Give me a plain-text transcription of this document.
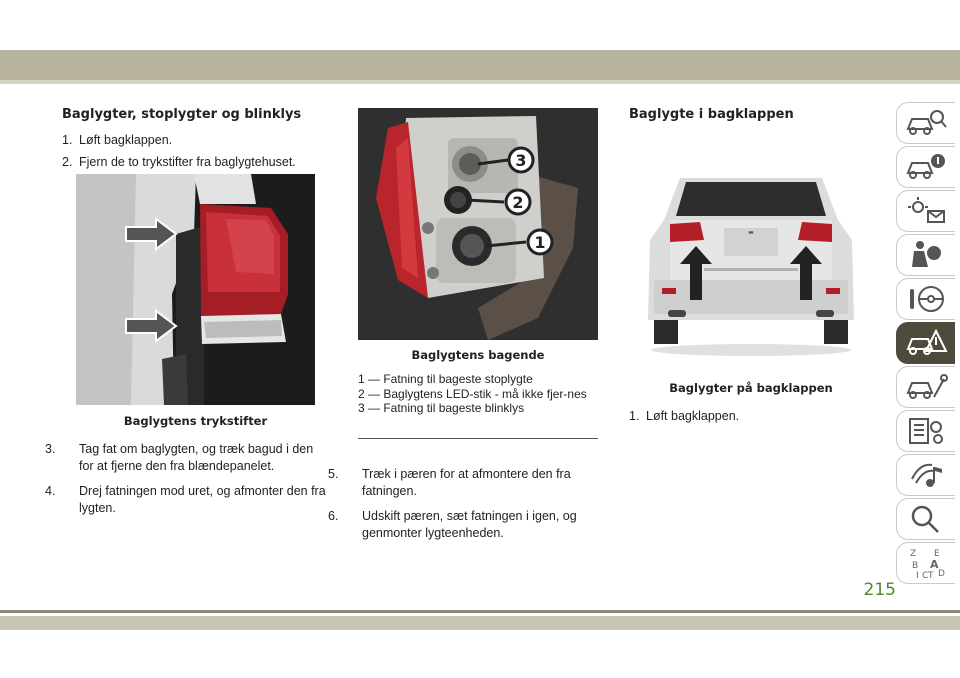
Baglygter, stoplygter og blinklys

1. Løft bagklappen.

2. Fjern de to trykstifter fra baglygtehuset.

Baglygtens trykstifter

3. Tag fat om baglygten, og træk bagud i den for at fjerne den fra blændepanelet.

4. Drej fatningen mod uret, og afmonter den fra lygten.

3
2
1
Baglygtens bagende
1 — Fatning til bageste stoplygte
2 — Baglygtens LED-stik - må ikke fjer-nes
3 — Fatning til bageste blinklys

5. Træk i pæren for at afmontere den fra fatningen.

6. Udskift pæren, sæt fatningen i igen, og genmonter lygteenheden.

Baglygte i bagklappen
▬
Baglygter på bagklappen

1. Løft bagklappen.

Z E
B A
I C T D
215
